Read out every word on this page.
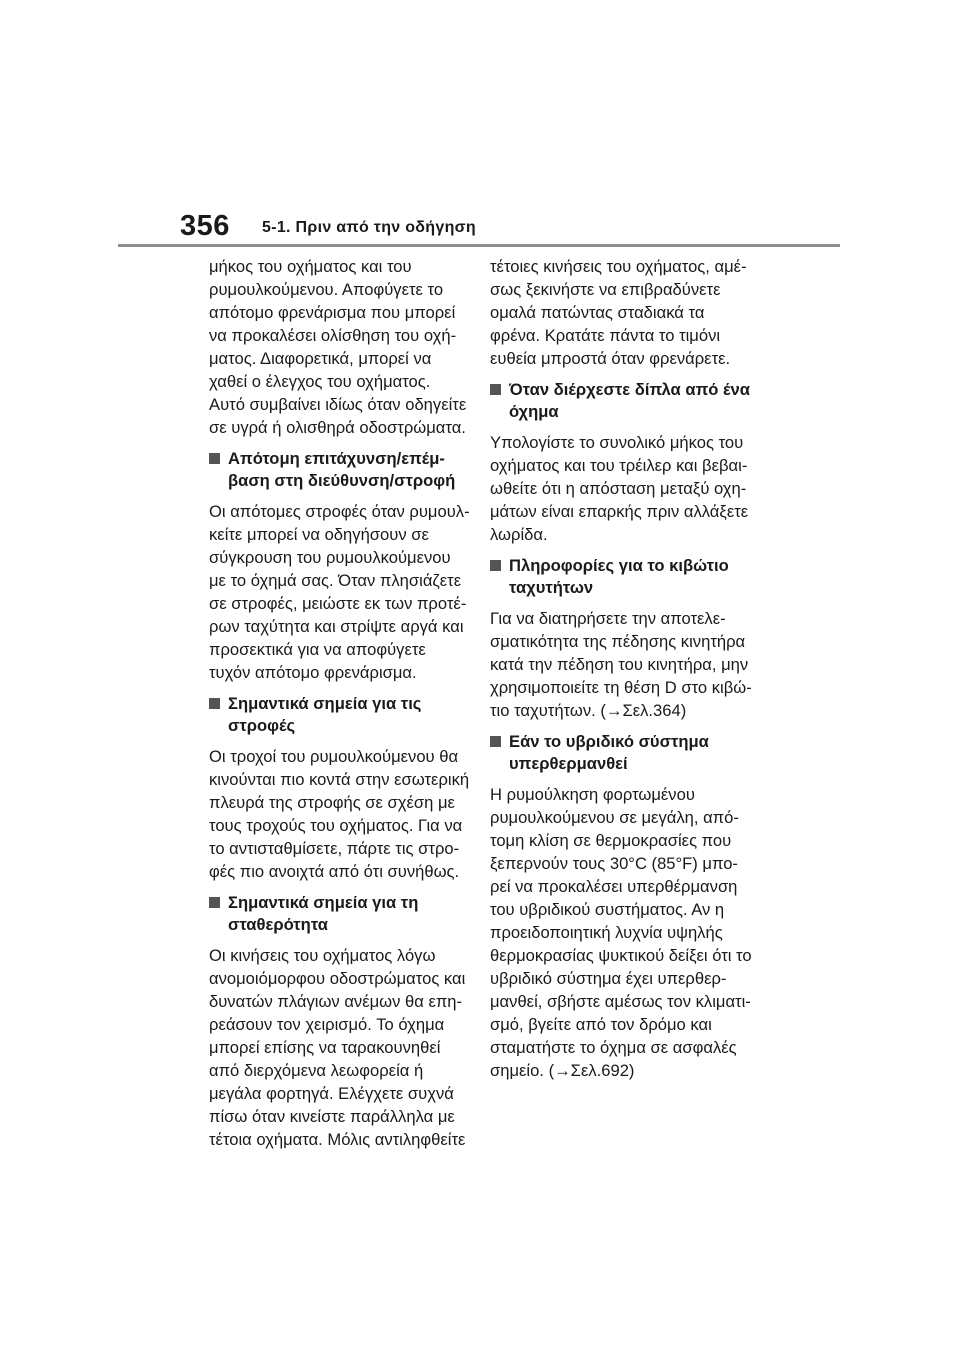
356 5-1. Πριν από την οδήγηση

μήκος του οχήματος και του
ρυμουλκούμενου. Αποφύγετε το
απότομο φρενάρισμα που μπορεί
να προκαλέσει ολίσθηση του οχή-
ματος. Διαφορετικά, μπορεί να
χαθεί ο έλεγχος του οχήματος.
Αυτό συμβαίνει ιδίως όταν οδηγείτε
σε υγρά ή ολισθηρά οδοστρώματα.

Απότομη επιτάχυνση/επέμ-
βαση στη διεύθυνση/στροφή

Οι απότομες στροφές όταν ρυμουλ-
κείτε μπορεί να οδηγήσουν σε
σύγκρουση του ρυμουλκούμενου
με το όχημά σας. Όταν πλησιάζετε
σε στροφές, μειώστε εκ των προτέ-
ρων ταχύτητα και στρίψτε αργά και
προσεκτικά για να αποφύγετε
τυχόν απότομο φρενάρισμα.

Σημαντικά σημεία για τις
στροφές

Οι τροχοί του ρυμουλκούμενου θα
κινούνται πιο κοντά στην εσωτερική
πλευρά της στροφής σε σχέση με
τους τροχούς του οχήματος. Για να
το αντισταθμίσετε, πάρτε τις στρο-
φές πιο ανοιχτά από ότι συνήθως.

Σημαντικά σημεία για τη
σταθερότητα

Οι κινήσεις του οχήματος λόγω
ανομοιόμορφου οδοστρώματος και
δυνατών πλάγιων ανέμων θα επη-
ρεάσουν τον χειρισμό. Το όχημα
μπορεί επίσης να ταρακουνηθεί
από διερχόμενα λεωφορεία ή
μεγάλα φορτηγά. Ελέγχετε συχνά
πίσω όταν κινείστε παράλληλα με
τέτοια οχήματα. Μόλις αντιληφθείτε

τέτοιες κινήσεις του οχήματος, αμέ-
σως ξεκινήστε να επιβραδύνετε
ομαλά πατώντας σταδιακά τα
φρένα. Κρατάτε πάντα το τιμόνι
ευθεία μπροστά όταν φρενάρετε.

Όταν διέρχεστε δίπλα από ένα
όχημα

Υπολογίστε το συνολικό μήκος του
οχήματος και του τρέιλερ και βεβαι-
ωθείτε ότι η απόσταση μεταξύ οχη-
μάτων είναι επαρκής πριν αλλάξετε
λωρίδα.

Πληροφορίες για το κιβώτιο
ταχυτήτων

Για να διατηρήσετε την αποτελε-
σματικότητα της πέδησης κινητήρα
κατά την πέδηση του κινητήρα, μην
χρησιμοποιείτε τη θέση D στο κιβώ-
τιο ταχυτήτων. (→Σελ.364)

Εάν το υβριδικό σύστημα
υπερθερμανθεί

Η ρυμούλκηση φορτωμένου
ρυμουλκούμενου σε μεγάλη, από-
τομη κλίση σε θερμοκρασίες που
ξεπερνούν τους 30°C (85°F) μπο-
ρεί να προκαλέσει υπερθέρμανση
του υβριδικού συστήματος. Αν η
προειδοποιητική λυχνία υψηλής
θερμοκρασίας ψυκτικού δείξει ότι το
υβριδικό σύστημα έχει υπερθερ-
μανθεί, σβήστε αμέσως τον κλιματι-
σμό, βγείτε από τον δρόμο και
σταματήστε το όχημα σε ασφαλές
σημείο. (→Σελ.692)
